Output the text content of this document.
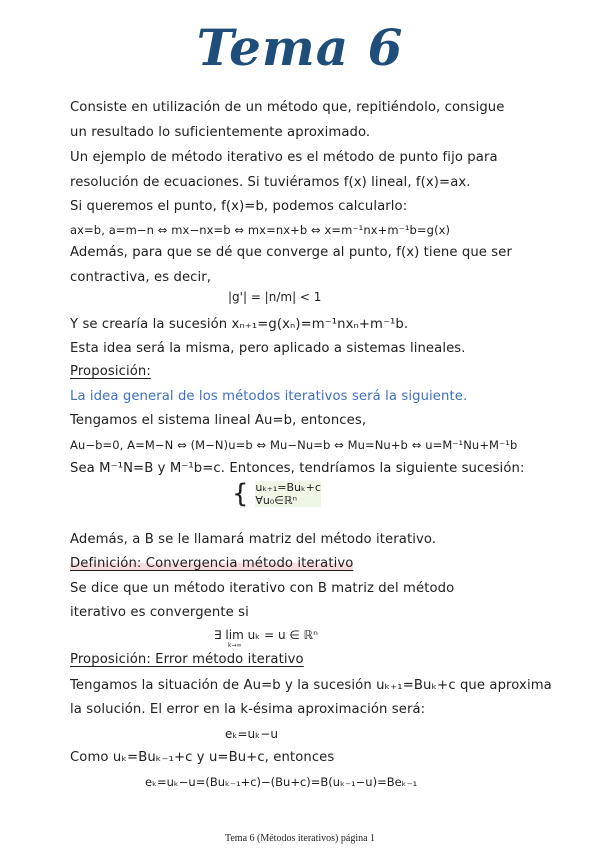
Tema 6
Consiste en utilización de un método que, repitiéndolo, consigue
un resultado lo suficientemente aproximado.
Un ejemplo de método iterativo es el método de punto fijo para
resolución de ecuaciones. Si tuviéramos f(x) lineal, f(x)=ax.
Si queremos el punto, f(x)=b, podemos calcularlo:
ax=b, a=m−n ⇔ mx−nx=b ⇔ mx=nx+b ⇔ x=m⁻¹nx+m⁻¹b=g(x)
Además, para que se dé que converge al punto, f(x) tiene que ser
contractiva, es decir,
|g'| = |n/m| < 1
Y se crearía la sucesión xₙ₊₁=g(xₙ)=m⁻¹nxₙ+m⁻¹b.
Esta idea será la misma, pero aplicado a sistemas lineales.
Proposición:
La idea general de los métodos iterativos será la siguiente.
Tengamos el sistema lineal Au=b, entonces,
Au−b=0, A=M−N ⇔ (M−N)u=b ⇔ Mu−Nu=b ⇔ Mu=Nu+b ⇔ u=M⁻¹Nu+M⁻¹b
Sea M⁻¹N=B y M⁻¹b=c. Entonces, tendríamos la siguiente sucesión:
{ uₖ₊₁=Buₖ+c
∀u₀∈ℝⁿ
Además, a B se le llamará matriz del método iterativo.
Definición: Convergencia método iterativo
Se dice que un método iterativo con B matriz del método
iterativo es convergente si
∃ lim uₖ = u ∈ ℝⁿ
k→∞
Proposición: Error método iterativo
Tengamos la situación de Au=b y la sucesión uₖ₊₁=Buₖ+c que aproxima
la solución. El error en la k-ésima aproximación será:
eₖ=uₖ−u
Como uₖ=Buₖ₋₁+c y u=Bu+c, entonces
eₖ=uₖ−u=(Buₖ₋₁+c)−(Bu+c)=B(uₖ₋₁−u)=Beₖ₋₁
Tema 6 (Métodos iterativos) página 1
